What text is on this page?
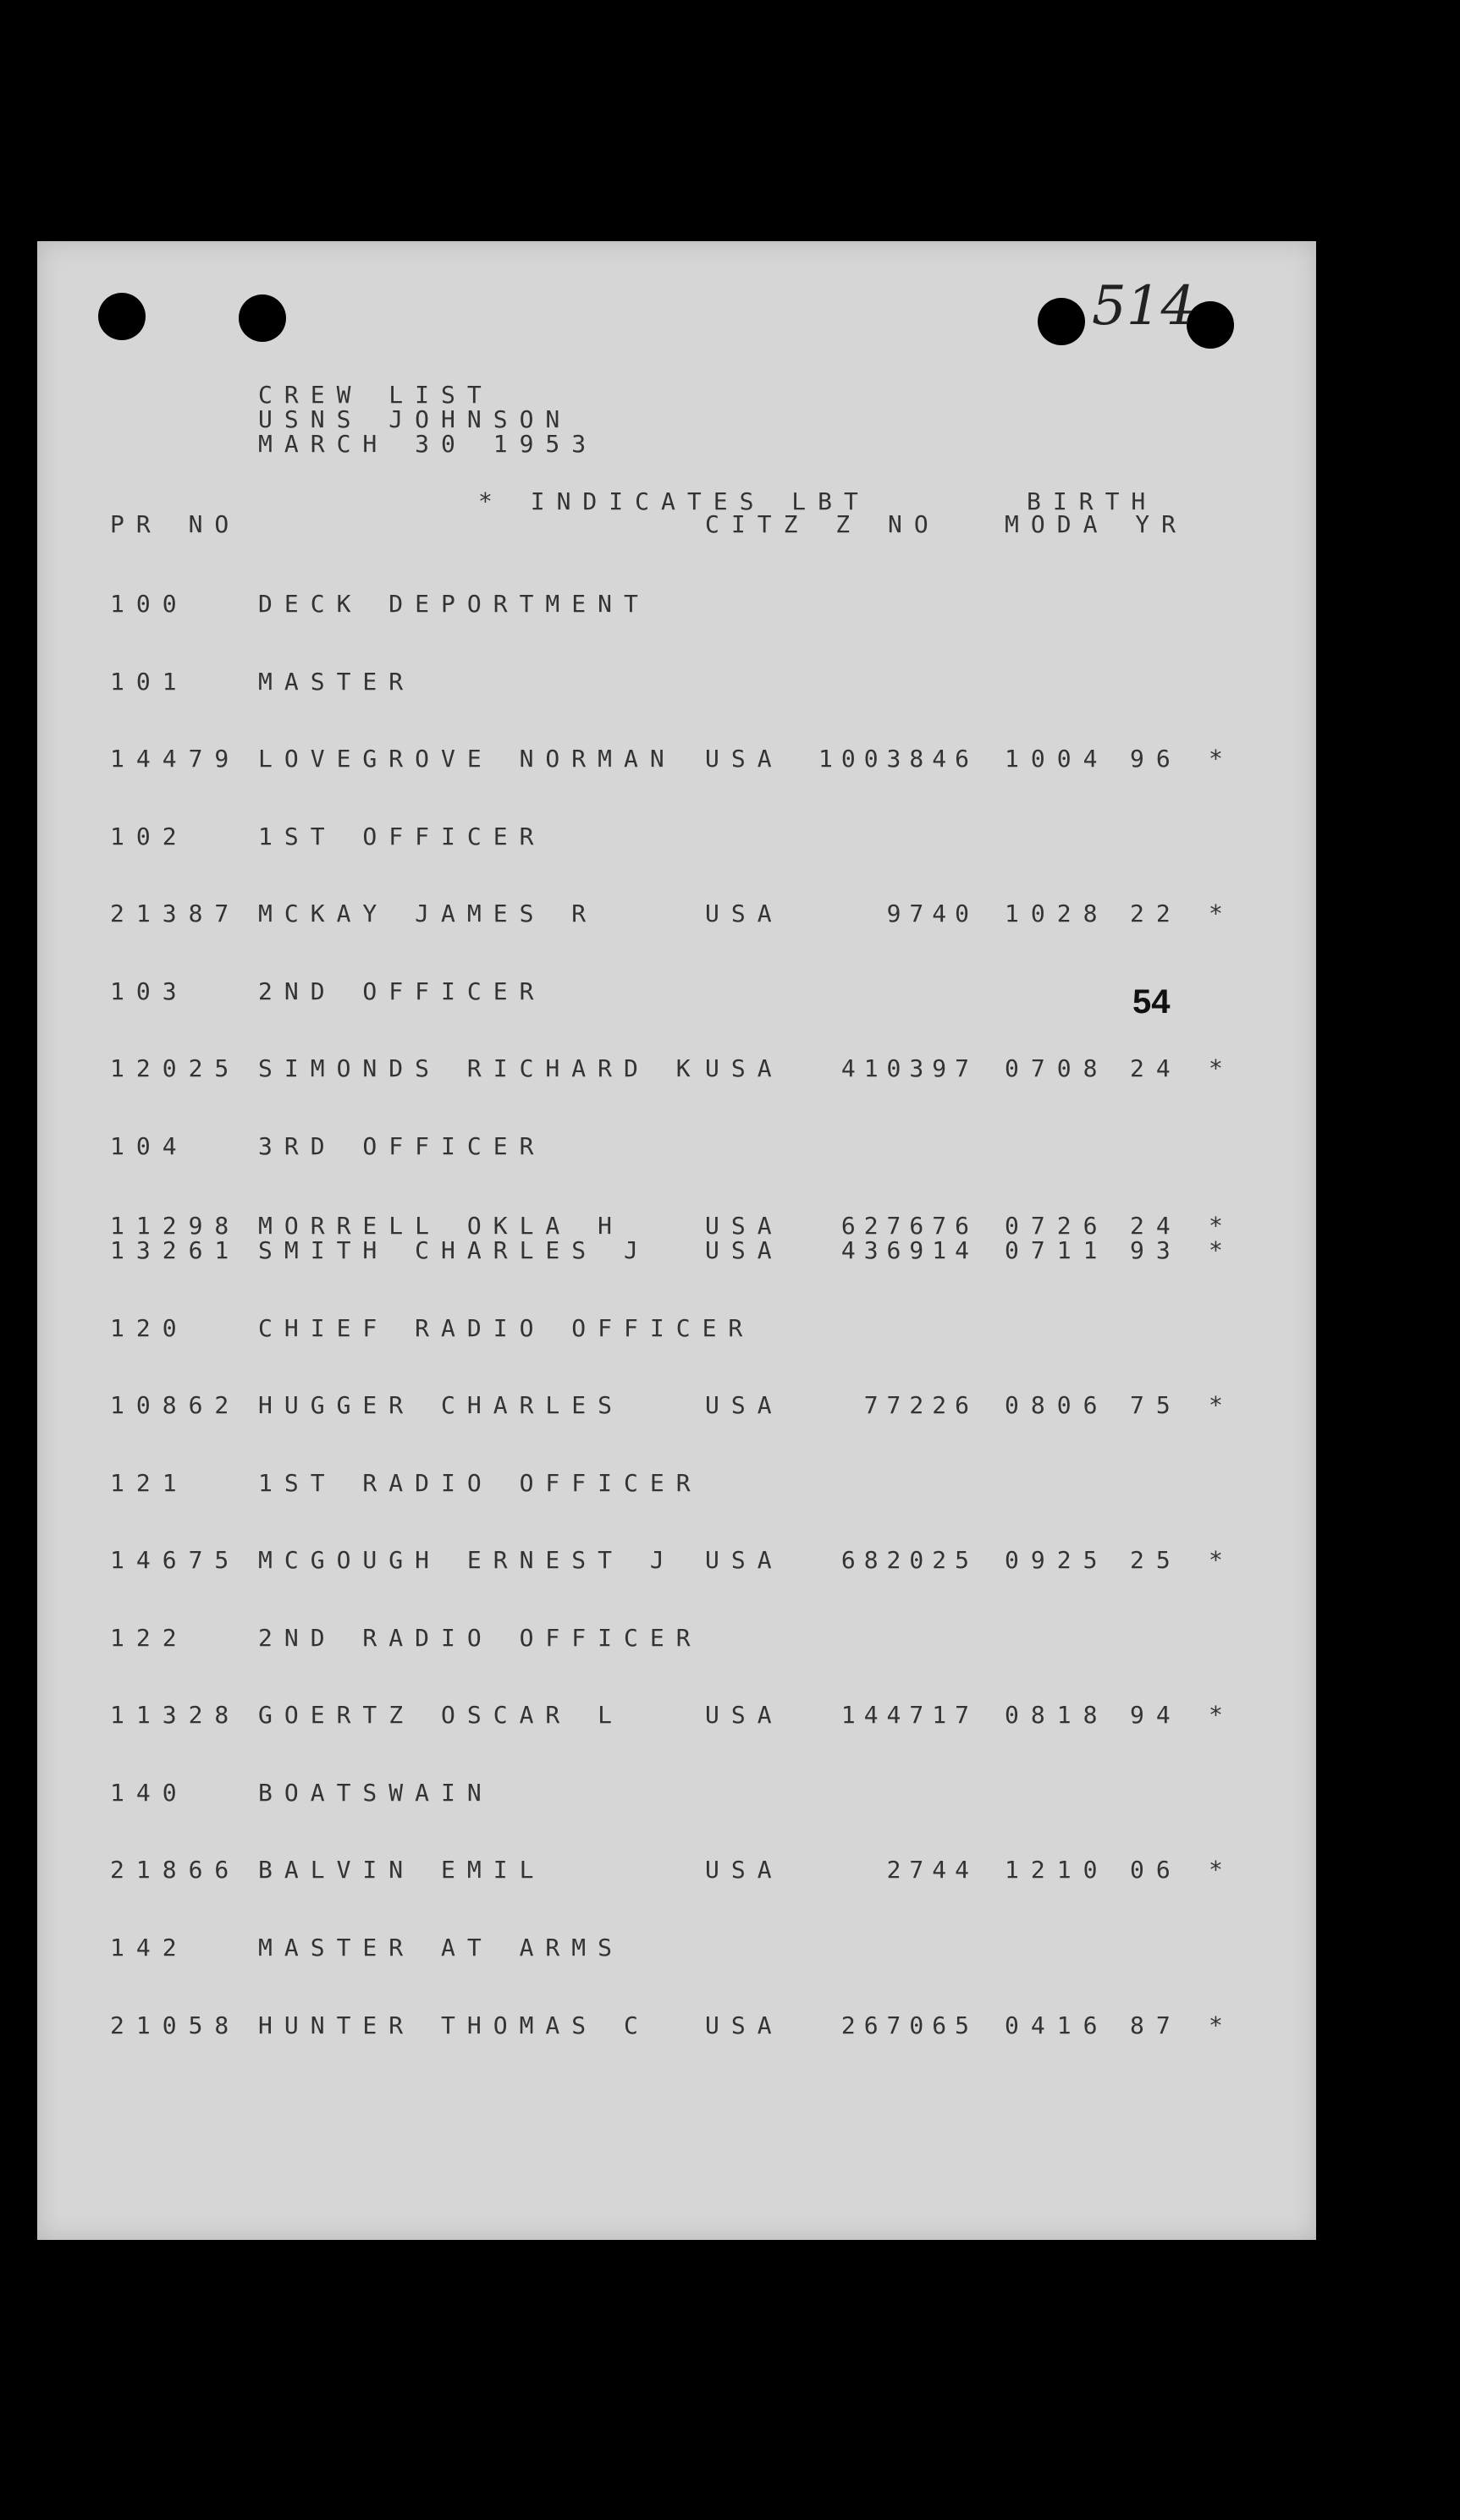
514
54
CREW LIST
USNS JOHNSON
MARCH 30 1953
* INDICATES LBT	BIRTH
PR NO	CITZ Z NO	MODA YR
100	DECK DEPORTMENT
101	MASTER
14479 LOVEGROVE NORMAN USA	1003846 1004 96 *
102	1ST OFFICER
21387 MCKAY JAMES R	USA	9740 1028 22 *
103	2ND OFFICER
12025 SIMONDS RICHARD K USA	410397 0708 24 *
104	3RD OFFICER
11298 MORRELL OKLA H	USA	627676 0726 24 *
13261 SMITH CHARLES J USA	436914 0711 93 *
120	CHIEF RADIO OFFICER
10862 HUGGER CHARLES	USA	77226 0806 75 *
121	1ST RADIO OFFICER
14675 MCGOUGH ERNEST J USA	682025 0925 25 *
122	2ND RADIO OFFICER
11328 GOERTZ OSCAR L	USA	144717 0818 94 *
140	BOATSWAIN
21866 BALVIN EMIL	USA	2744 1210 06 *
142	MASTER AT ARMS
21058 HUNTER THOMAS C USA	267065 0416 87 *
